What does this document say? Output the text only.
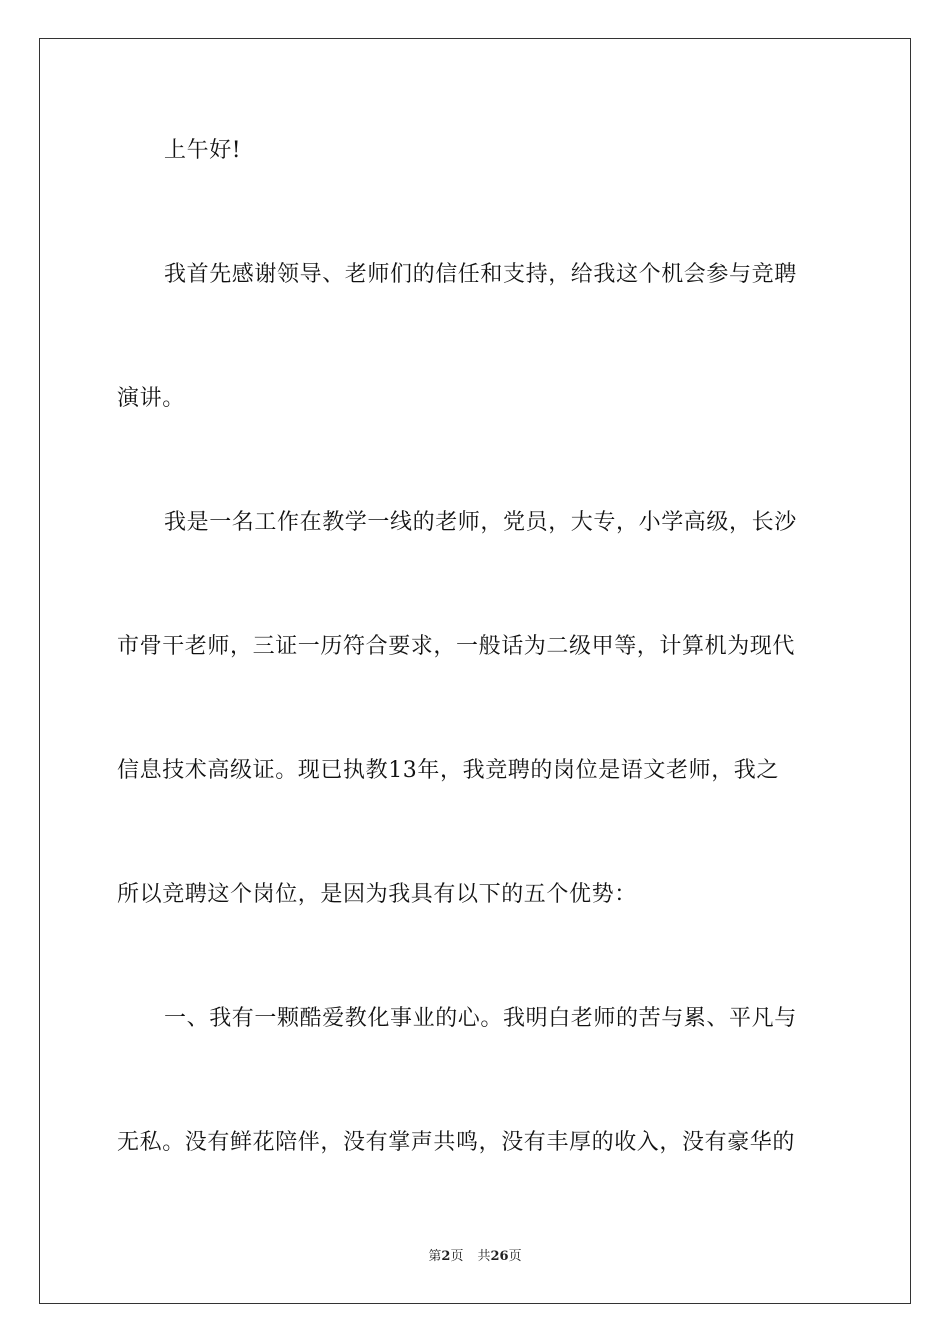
上午好!
我首先感谢领导、老师们的信任和支持，给我这个机会参与竞聘
演讲。
我是一名工作在教学一线的老师，党员，大专，小学高级，长沙
市骨干老师，三证一历符合要求，一般话为二级甲等，计算机为现代
信息技术高级证。现已执教13年，我竞聘的岗位是语文老师，我之
所以竞聘这个岗位，是因为我具有以下的五个优势：
一、我有一颗酷爱教化事业的心。我明白老师的苦与累、平凡与
无私。没有鲜花陪伴，没有掌声共鸣，没有丰厚的收入，没有豪华的
第2页 共26页
